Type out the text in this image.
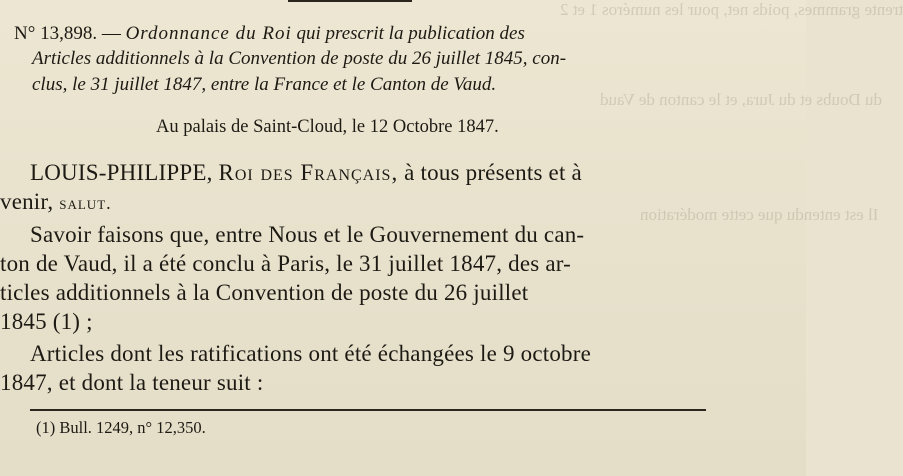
trente grammes, poids net, pour les numéros 1 et 2
du Doubs et du Jura, et le canton de Vaud
Il est entendu que cette modération
N° 13,898. — Ordonnance du Roi qui prescrit la publication des
Articles additionnels à la Convention de poste du 26 juillet 1845, con-
clus, le 31 juillet 1847, entre la France et le Canton de Vaud.
Au palais de Saint-Cloud, le 12 Octobre 1847.
LOUIS-PHILIPPE, Roi des Français, à tous présents et à
venir, salut.
Savoir faisons que, entre Nous et le Gouvernement du can-
ton de Vaud, il a été conclu à Paris, le 31 juillet 1847, des ar-
ticles additionnels à la Convention de poste du 26 juillet
1845 (1) ;
Articles dont les ratifications ont été échangées le 9 octobre
1847, et dont la teneur suit :
(1) Bull. 1249, n° 12,350.
